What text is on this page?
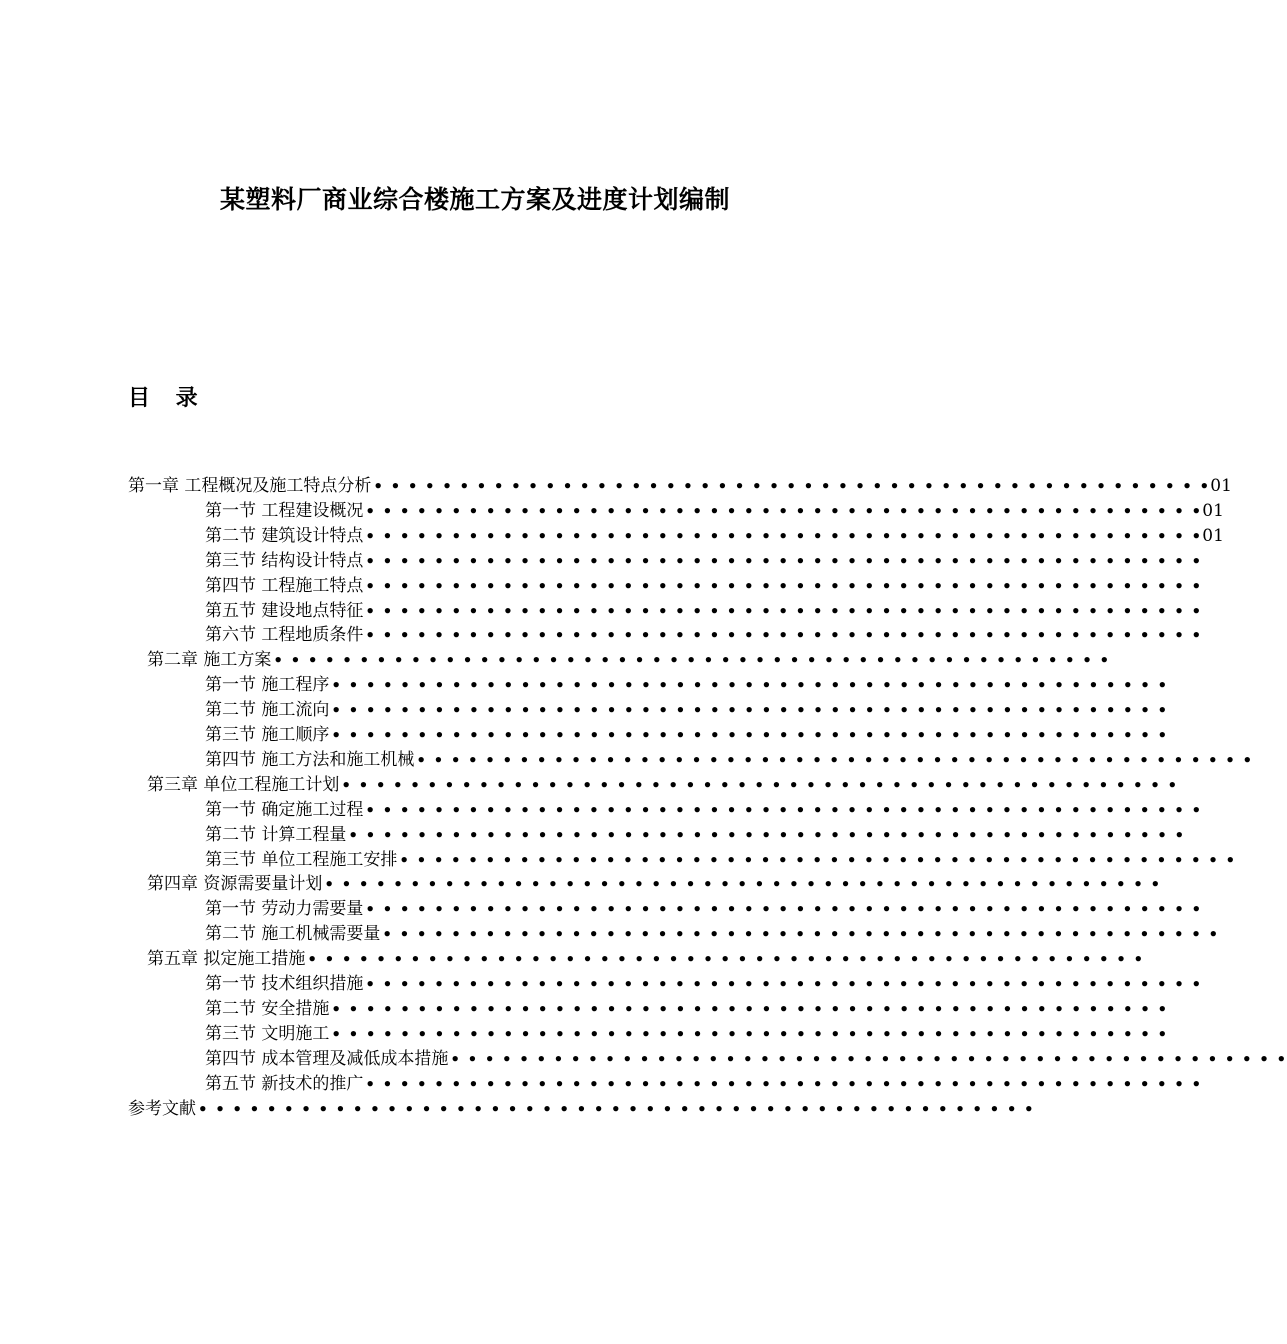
某塑料厂商业综合楼施工方案及进度计划编制
目 录
第一章 工程概况及施工特点分析 • • • • • • • • • • • • • • • • • • • • • • • • • • • • • • • • • • • • • • • • • • • • • • • • • 01
第一节 工程建设概况 • • • • • • • • • • • • • • • • • • • • • • • • • • • • • • • • • • • • • • • • • • • • • • • • • 01
第二节 建筑设计特点 • • • • • • • • • • • • • • • • • • • • • • • • • • • • • • • • • • • • • • • • • • • • • • • • • 01
第三节 结构设计特点 • • • • • • • • • • • • • • • • • • • • • • • • • • • • • • • • • • • • • • • • • • • • • • • • •
第四节 工程施工特点 • • • • • • • • • • • • • • • • • • • • • • • • • • • • • • • • • • • • • • • • • • • • • • • • •
第五节 建设地点特征 • • • • • • • • • • • • • • • • • • • • • • • • • • • • • • • • • • • • • • • • • • • • • • • • •
第六节 工程地质条件 • • • • • • • • • • • • • • • • • • • • • • • • • • • • • • • • • • • • • • • • • • • • • • • • •
第二章 施工方案 • • • • • • • • • • • • • • • • • • • • • • • • • • • • • • • • • • • • • • • • • • • • • • • • •
第一节 施工程序 • • • • • • • • • • • • • • • • • • • • • • • • • • • • • • • • • • • • • • • • • • • • • • • • •
第二节 施工流向 • • • • • • • • • • • • • • • • • • • • • • • • • • • • • • • • • • • • • • • • • • • • • • • • •
第三节 施工顺序 • • • • • • • • • • • • • • • • • • • • • • • • • • • • • • • • • • • • • • • • • • • • • • • • •
第四节 施工方法和施工机械 • • • • • • • • • • • • • • • • • • • • • • • • • • • • • • • • • • • • • • • • • • • • • • • • •
第三章 单位工程施工计划 • • • • • • • • • • • • • • • • • • • • • • • • • • • • • • • • • • • • • • • • • • • • • • • • •
第一节 确定施工过程 • • • • • • • • • • • • • • • • • • • • • • • • • • • • • • • • • • • • • • • • • • • • • • • • •
第二节 计算工程量 • • • • • • • • • • • • • • • • • • • • • • • • • • • • • • • • • • • • • • • • • • • • • • • • •
第三节 单位工程施工安排 • • • • • • • • • • • • • • • • • • • • • • • • • • • • • • • • • • • • • • • • • • • • • • • • •
第四章 资源需要量计划 • • • • • • • • • • • • • • • • • • • • • • • • • • • • • • • • • • • • • • • • • • • • • • • • •
第一节 劳动力需要量 • • • • • • • • • • • • • • • • • • • • • • • • • • • • • • • • • • • • • • • • • • • • • • • • •
第二节 施工机械需要量 • • • • • • • • • • • • • • • • • • • • • • • • • • • • • • • • • • • • • • • • • • • • • • • • •
第五章 拟定施工措施 • • • • • • • • • • • • • • • • • • • • • • • • • • • • • • • • • • • • • • • • • • • • • • • • •
第一节 技术组织措施 • • • • • • • • • • • • • • • • • • • • • • • • • • • • • • • • • • • • • • • • • • • • • • • • •
第二节 安全措施 • • • • • • • • • • • • • • • • • • • • • • • • • • • • • • • • • • • • • • • • • • • • • • • • •
第三节 文明施工 • • • • • • • • • • • • • • • • • • • • • • • • • • • • • • • • • • • • • • • • • • • • • • • • •
第四节 成本管理及减低成本措施 • • • • • • • • • • • • • • • • • • • • • • • • • • • • • • • • • • • • • • • • • • • • • • • • •
第五节 新技术的推广 • • • • • • • • • • • • • • • • • • • • • • • • • • • • • • • • • • • • • • • • • • • • • • • • •
参考文献 • • • • • • • • • • • • • • • • • • • • • • • • • • • • • • • • • • • • • • • • • • • • • • • • •
